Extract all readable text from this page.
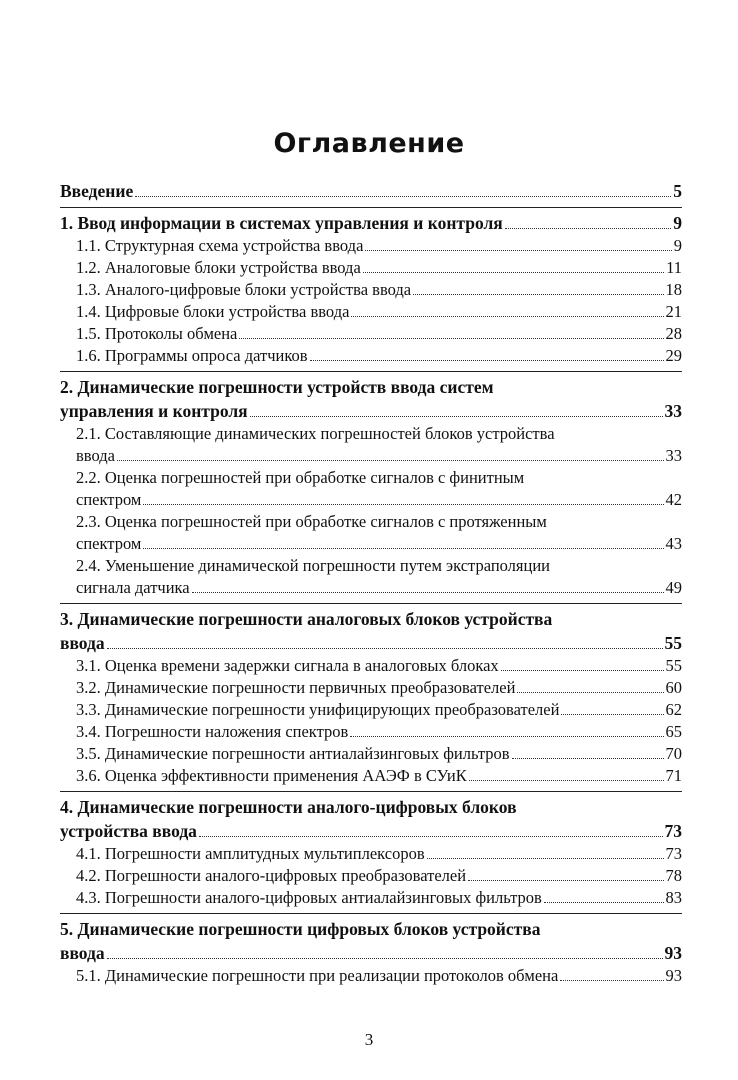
Оглавление
Введение	5
1. Ввод информации в системах управления и контроля	9
1.1. Структурная схема устройства ввода	9
1.2. Аналоговые блоки устройства ввода	11
1.3. Аналого-цифровые блоки устройства ввода	18
1.4. Цифровые блоки устройства ввода	21
1.5. Протоколы обмена	28
1.6. Программы опроса датчиков	29
2. Динамические погрешности устройств ввода систем
управления и контроля	33
2.1. Составляющие динамических погрешностей блоков устройства
ввода	33
2.2. Оценка погрешностей при обработке сигналов с финитным
спектром	42
2.3. Оценка погрешностей при обработке сигналов с протяженным
спектром	43
2.4. Уменьшение динамической погрешности путем экстраполяции
сигнала датчика	49
3. Динамические погрешности аналоговых блоков устройства
ввода	55
3.1. Оценка времени задержки сигнала в аналоговых блоках	55
3.2. Динамические погрешности первичных преобразователей	60
3.3. Динамические погрешности унифицирующих преобразователей	62
3.4. Погрешности наложения спектров	65
3.5. Динамические погрешности антиалайзинговых фильтров	70
3.6. Оценка эффективности применения ААЭФ в СУиК	71
4. Динамические погрешности аналого-цифровых блоков
устройства ввода	73
4.1. Погрешности амплитудных мультиплексоров	73
4.2. Погрешности аналого-цифровых преобразователей	78
4.3. Погрешности аналого-цифровых антиалайзинговых фильтров	83
5. Динамические погрешности цифровых блоков устройства
ввода	93
5.1. Динамические погрешности при реализации протоколов обмена	93
3
